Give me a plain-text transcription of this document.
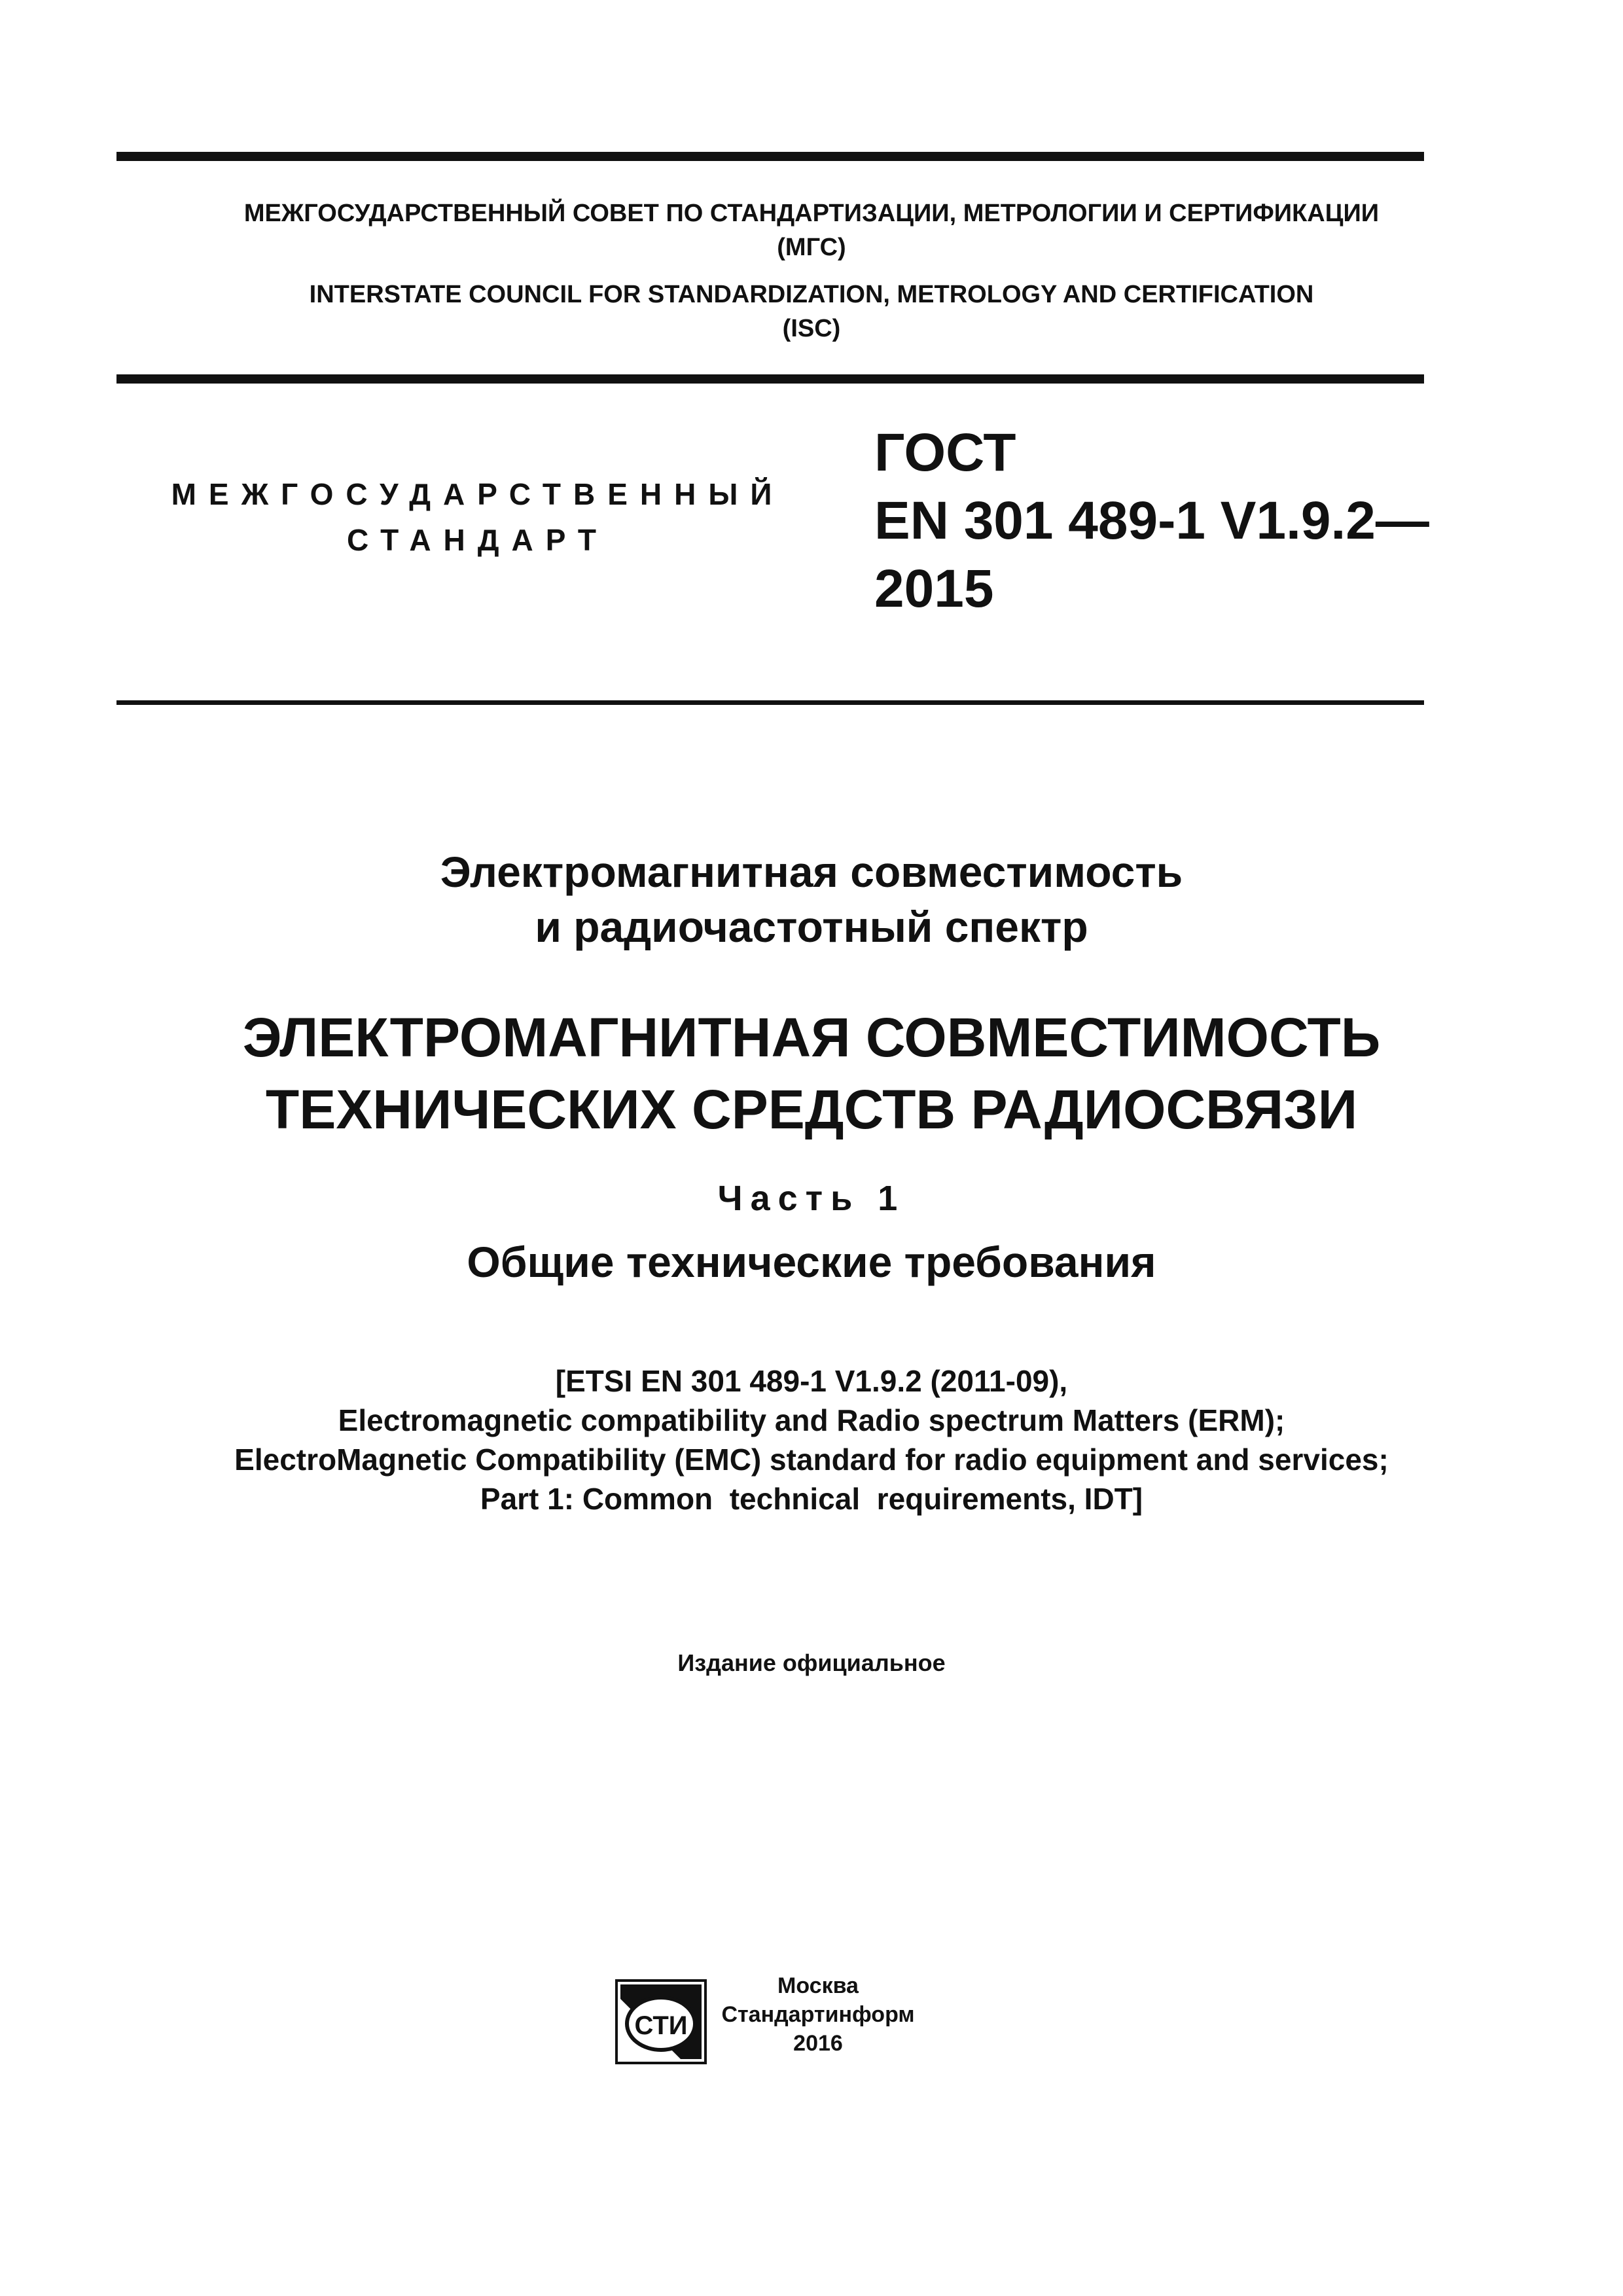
МЕЖГОСУДАРСТВЕННЫЙ СОВЕТ ПО СТАНДАРТИЗАЦИИ, МЕТРОЛОГИИ И СЕРТИФИКАЦИИ
(МГС)
INTERSTATE COUNCIL FOR STANDARDIZATION, METROLOGY AND CERTIFICATION
(ISC)
МЕЖГОСУДАРСТВЕННЫЙ
СТАНДАРТ
ГОСТ
EN 301 489-1 V1.9.2—
2015
Электромагнитная совместимость
и радиочастотный спектр
ЭЛЕКТРОМАГНИТНАЯ СОВМЕСТИМОСТЬ
ТЕХНИЧЕСКИХ СРЕДСТВ РАДИОСВЯЗИ
Часть 1
Общие технические требования
[ETSI EN 301 489-1 V1.9.2 (2011-09),
Electromagnetic compatibility and Radio spectrum Matters (ERM);
ElectroMagnetic Compatibility (EMC) standard for radio equipment and services;
Part 1: Common  technical  requirements, IDT]
Издание официальное
СТИ
Москва
Стандартинформ
2016
